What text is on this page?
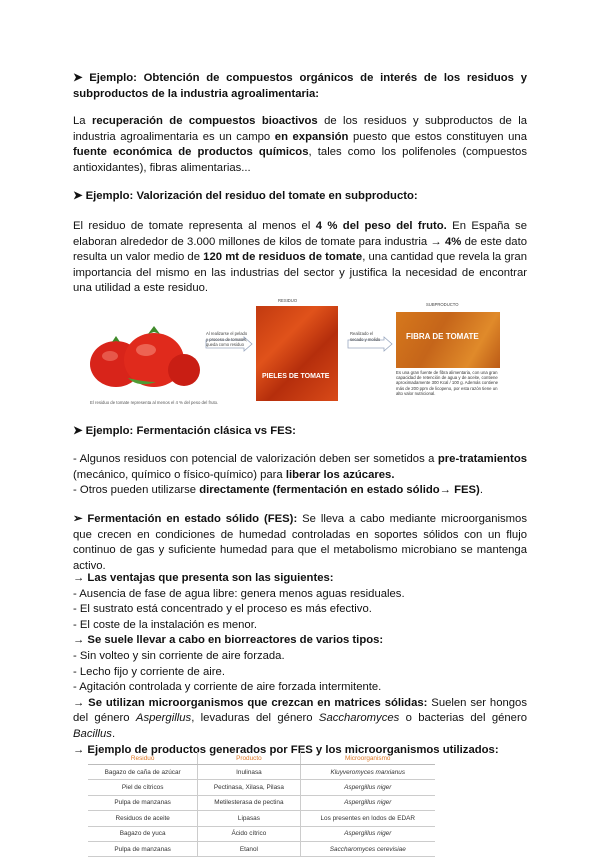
➤ Ejemplo: Obtención de compuestos orgánicos de interés de los residuos y subproductos de la industria agroalimentaria:
La recuperación de compuestos bioactivos de los residuos y subproductos de la industria agroalimentaria es un campo en expansión puesto que estos constituyen una fuente económica de productos químicos, tales como los polifenoles (compuestos antioxidantes), fibras alimentarias...
➤ Ejemplo: Valorización del residuo del tomate en subproducto:
El residuo de tomate representa al menos el 4 % del peso del fruto. En España se elaboran alrededor de 3.000 millones de kilos de tomate para industria → 4% de este dato resulta un valor medio de 120 mt de residuos de tomate, una cantidad que revela la gran importancia del mismo en las industrias del sector y justifica la necesidad de encontrar una utilidad a este residuo.
Al realizarse el pelado y proceso de tomates, queda como residuo
RESIDUO
PIELES DE TOMATE
Realizado el secado y molido
SUBPRODUCTO
FIBRA DE TOMATE
Es una gran fuente de fibra alimentaria, con una gran capacidad de retención de agua y de aceite, contiene aproximadamente 300 Kcal / 100 g. Además contiene más de 200 ppm de licopeno, por esta razón tiene un alto valor nutricional.
El residuo de tomate representa al menos el 4 % del peso del fruto.
➤ Ejemplo: Fermentación clásica vs FES:
- Algunos residuos con potencial de valorización deben ser sometidos a pre-tratamientos (mecánico, químico o físico-químico) para liberar los azúcares.
- Otros pueden utilizarse directamente (fermentación en estado sólido→ FES).
➢ Fermentación en estado sólido (FES): Se lleva a cabo mediante microorganismos que crecen en condiciones de humedad controladas en soportes sólidos con un flujo continuo de gas y suficiente humedad para que el metabolismo microbiano se mantenga activo.
→ Las ventajas que presenta son las siguientes:
- Ausencia de fase de agua libre: genera menos aguas residuales.
- El sustrato está concentrado y el proceso es más efectivo.
- El coste de la instalación es menor.
→ Se suele llevar a cabo en biorreactores de varios tipos:
- Sin volteo y sin corriente de aire forzada.
- Lecho fijo y corriente de aire.
- Agitación controlada y corriente de aire forzada intermitente.
→ Se utilizan microorganismos que crezcan en matrices sólidas: Suelen ser hongos del género Aspergillus, levaduras del género Saccharomyces o bacterias del género Bacillus.
→ Ejemplo de productos generados por FES y los microorganismos utilizados:
Residuo	Producto	Microorganismo
Bagazo de caña de azúcar	Inulinasa	Kluyveromyces marxianus
Piel de cítricos	Pectinasa, Xilasa, Pilasa	Aspergillus niger
Pulpa de manzanas	Metilesterasa de pectina	Aspergillus niger
Residuos de aceite	Lipasas	Los presentes en lodos de EDAR
Bagazo de yuca	Ácido cítrico	Aspergillus niger
Pulpa de manzanas	Etanol	Saccharomyces cerevisiae
